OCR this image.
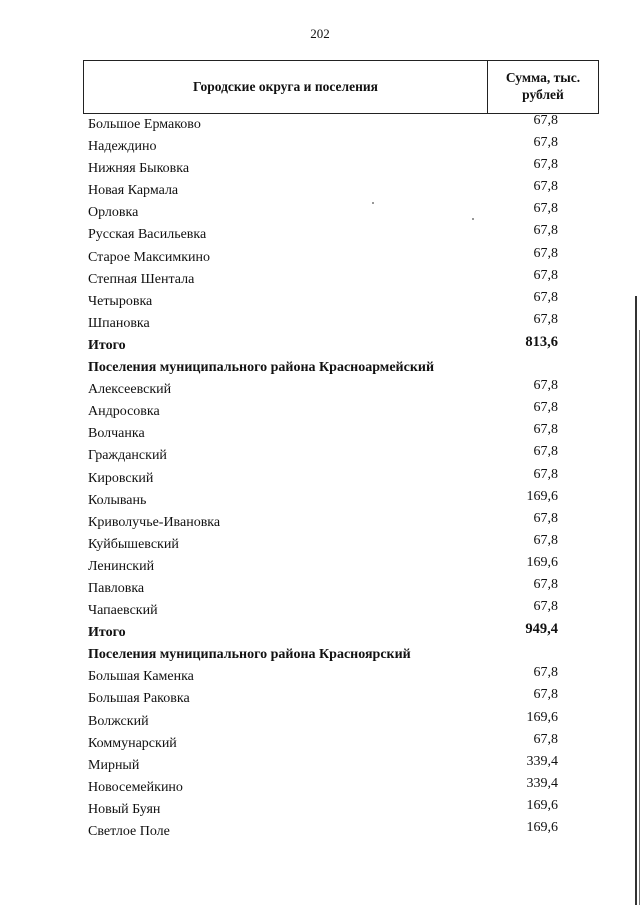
202
Городские округа и поселения
Сумма, тыс.
рублей
Большое Ермаково	67,8
Надеждино	67,8
Нижняя Быковка	67,8
Новая Кармала	67,8
Орловка	67,8
Русская Васильевка	67,8
Старое Максимкино	67,8
Степная Шентала	67,8
Четыровка	67,8
Шпановка	67,8
Итого	813,6
Поселения муниципального района Красноармейский
Алексеевский	67,8
Андросовка	67,8
Волчанка	67,8
Гражданский	67,8
Кировский	67,8
Колывань	169,6
Криволучье-Ивановка	67,8
Куйбышевский	67,8
Ленинский	169,6
Павловка	67,8
Чапаевский	67,8
Итого	949,4
Поселения муниципального района Красноярский
Большая Каменка	67,8
Большая Раковка	67,8
Волжский	169,6
Коммунарский	67,8
Мирный	339,4
Новосемейкино	339,4
Новый Буян	169,6
Светлое Поле	169,6
